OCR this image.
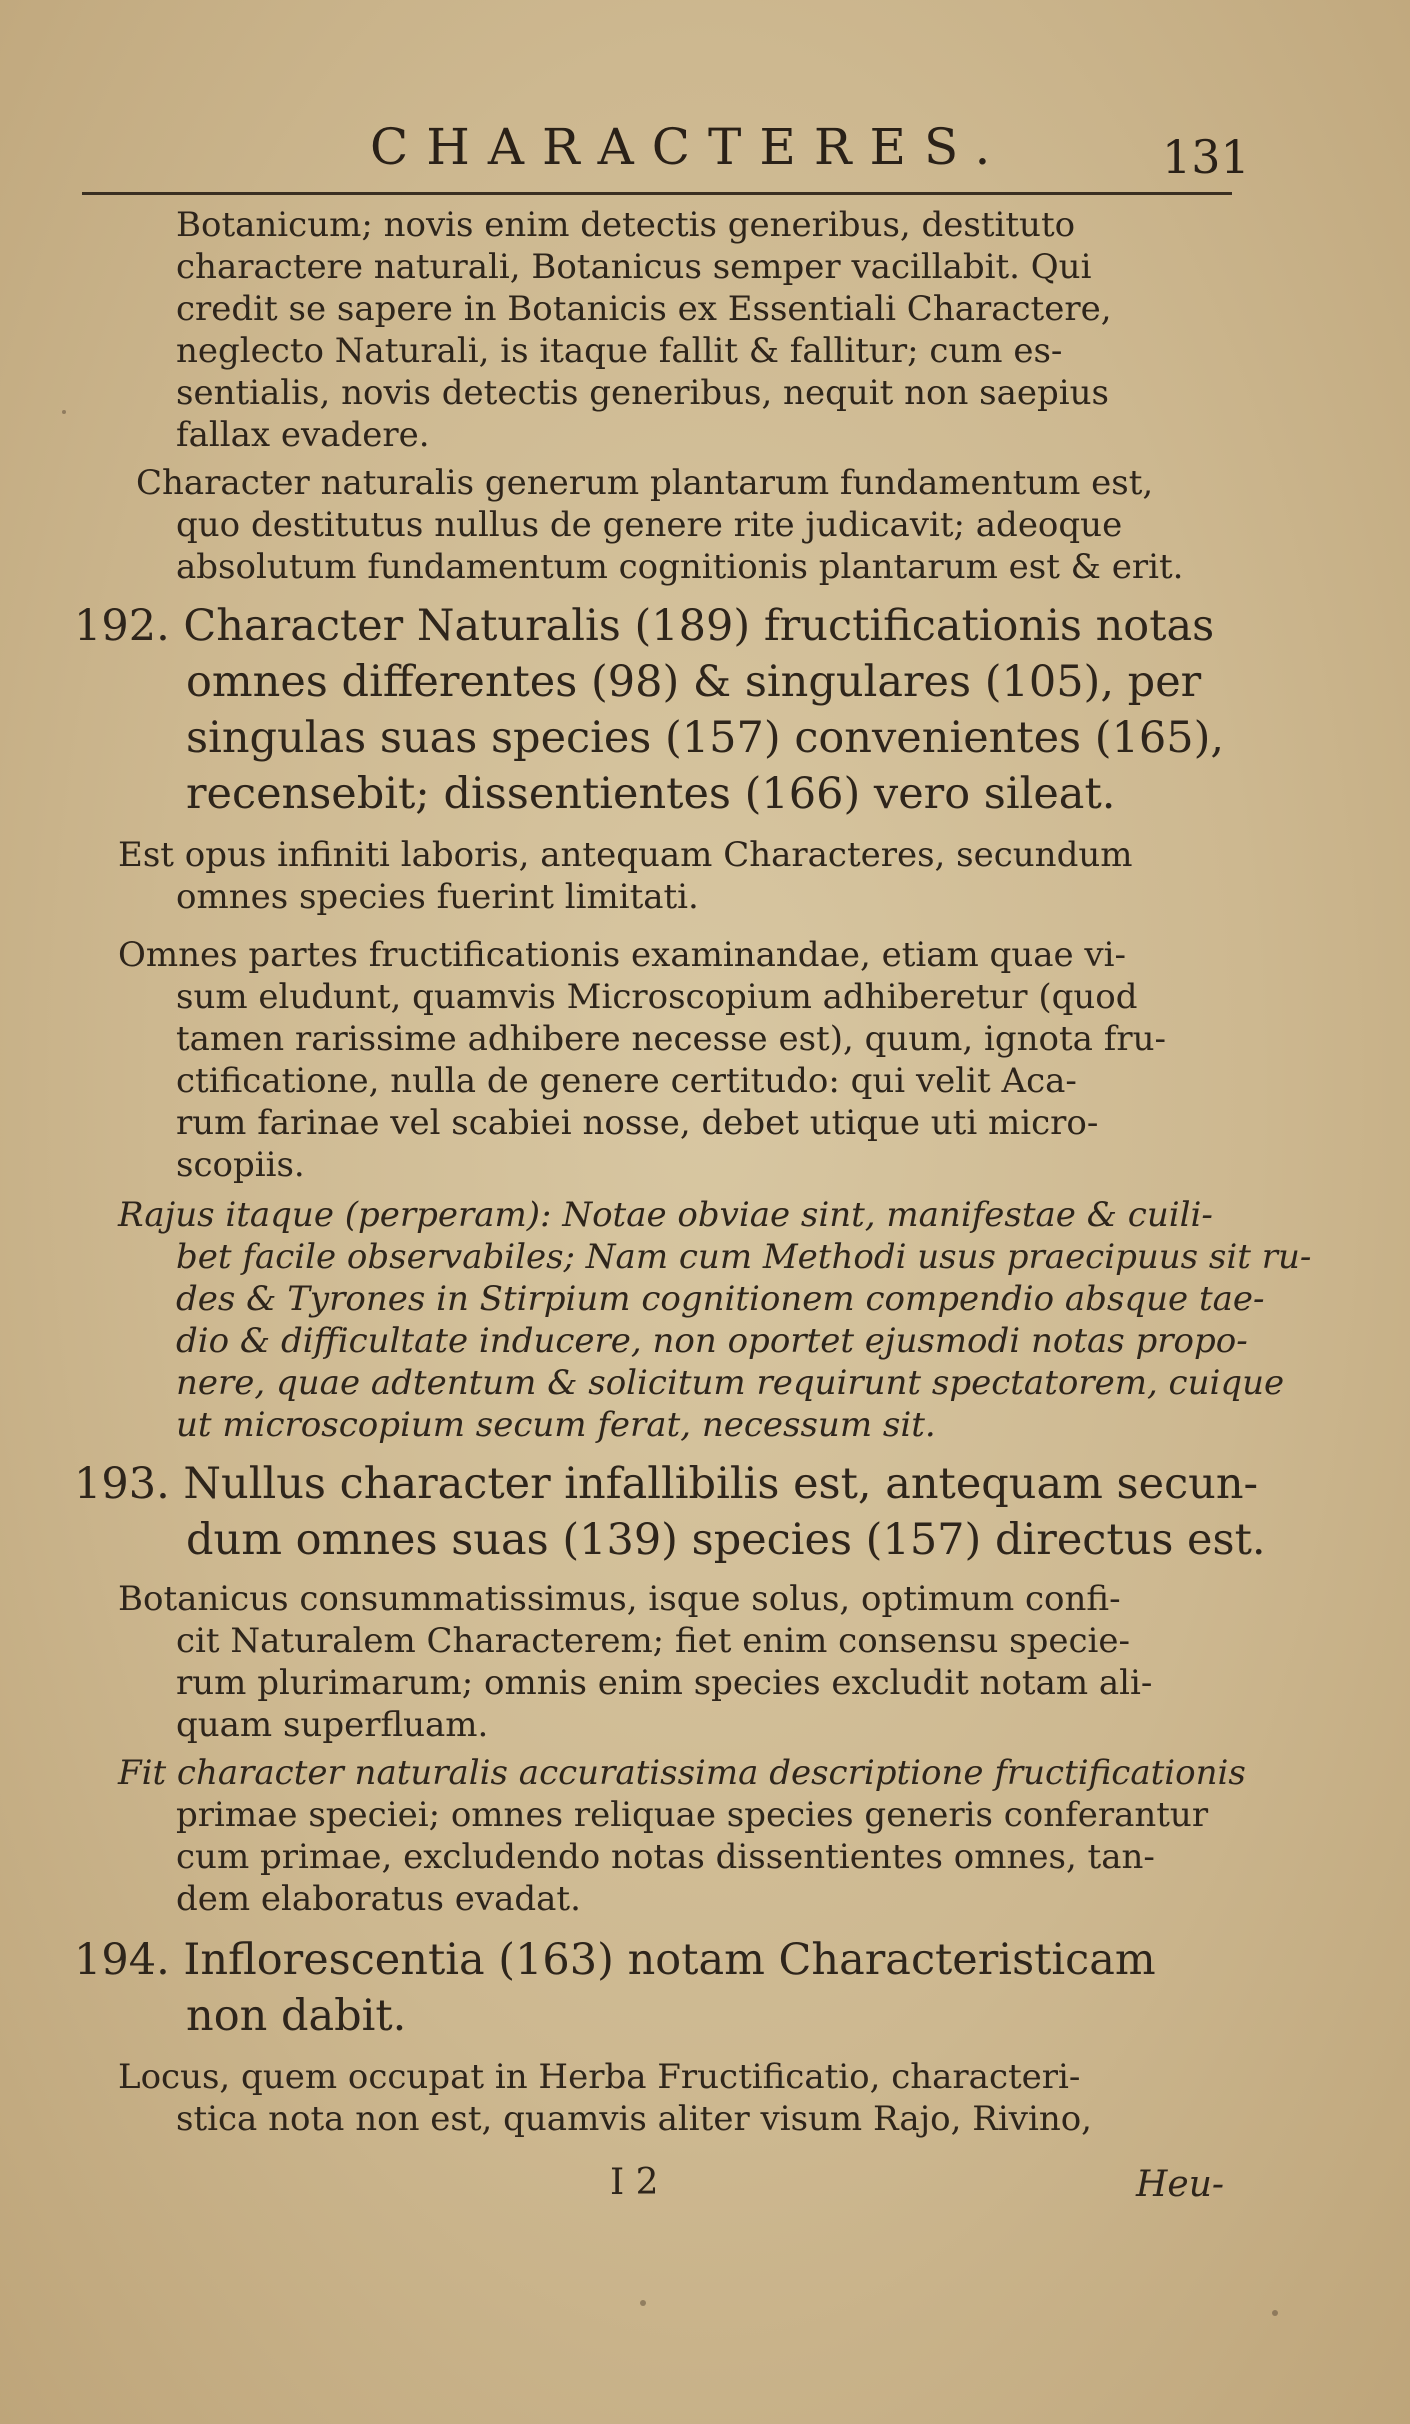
CHARACTERES.	131
Botanicum; novis enim detectis generibus, destituto
charactere naturali, Botanicus semper vacillabit. Qui
credit se sapere in Botanicis ex Essentiali Charactere,
neglecto Naturali, is itaque fallit & fallitur; cum es-
sentialis, novis detectis generibus, nequit non saepius
fallax evadere.
Character naturalis generum plantarum fundamentum est,
quo destitutus nullus de genere rite judicavit; adeoque
absolutum fundamentum cognitionis plantarum est & erit.
192. Character Naturalis (189) fructificationis notas
omnes differentes (98) & singulares (105), per
singulas suas species (157) convenientes (165),
recensebit; dissentientes (166) vero sileat.
Est opus infiniti laboris, antequam Characteres, secundum
omnes species fuerint limitati.
Omnes partes fructificationis examinandae, etiam quae vi-
sum eludunt, quamvis Microscopium adhiberetur (quod
tamen rarissime adhibere necesse est), quum, ignota fru-
ctificatione, nulla de genere certitudo: qui velit Aca-
rum farinae vel scabiei nosse, debet utique uti micro-
scopiis.
Rajus itaque (perperam): Notae obviae sint, manifestae & cuili-
bet facile observabiles; Nam cum Methodi usus praecipuus sit ru-
des & Tyrones in Stirpium cognitionem compendio absque tae-
dio & difficultate inducere, non oportet ejusmodi notas propo-
nere, quae adtentum & solicitum requirunt spectatorem, cuique
ut microscopium secum ferat, necessum sit.
193. Nullus character infallibilis est, antequam secun-
dum omnes suas (139) species (157) directus est.
Botanicus consummatissimus, isque solus, optimum confi-
cit Naturalem Characterem; fiet enim consensu specie-
rum plurimarum; omnis enim species excludit notam ali-
quam superfluam.
Fit character naturalis accuratissima descriptione fructificationis
primae speciei; omnes reliquae species generis conferantur
cum primae, excludendo notas dissentientes omnes, tan-
dem elaboratus evadat.
194. Inflorescentia (163) notam Characteristicam
non dabit.
Locus, quem occupat in Herba Fructificatio, characteri-
stica nota non est, quamvis aliter visum Rajo, Rivino,
I 2	Heu-
